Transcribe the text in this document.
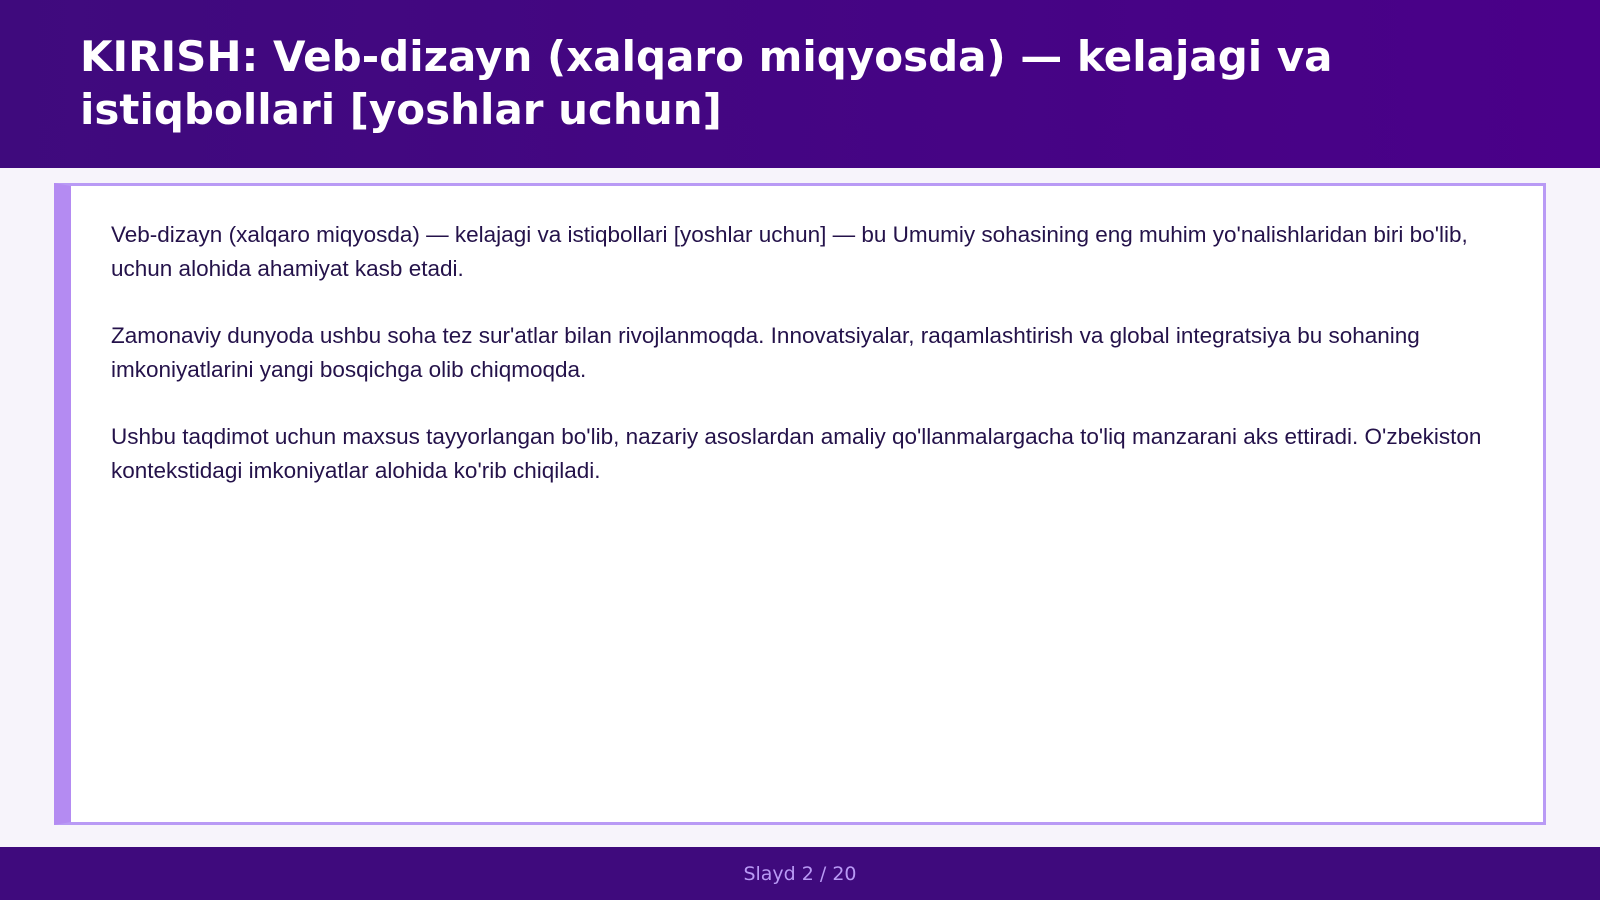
KIRISH: Veb-dizayn (xalqaro miqyosda) — kelajagi va istiqbollari [yoshlar uchun]

Veb-dizayn (xalqaro miqyosda) — kelajagi va istiqbollari [yoshlar uchun] — bu Umumiy sohasining eng muhim yo'nalishlaridan biri bo'lib, uchun alohida ahamiyat kasb etadi.

Zamonaviy dunyoda ushbu soha tez sur'atlar bilan rivojlanmoqda. Innovatsiyalar, raqamlashtirish va global integratsiya bu sohaning imkoniyatlarini yangi bosqichga olib chiqmoqda.

Ushbu taqdimot uchun maxsus tayyorlangan bo'lib, nazariy asoslardan amaliy qo'llanmalargacha to'liq manzarani aks ettiradi. O'zbekiston kontekstidagi imkoniyatlar alohida ko'rib chiqiladi.

Slayd 2 / 20
